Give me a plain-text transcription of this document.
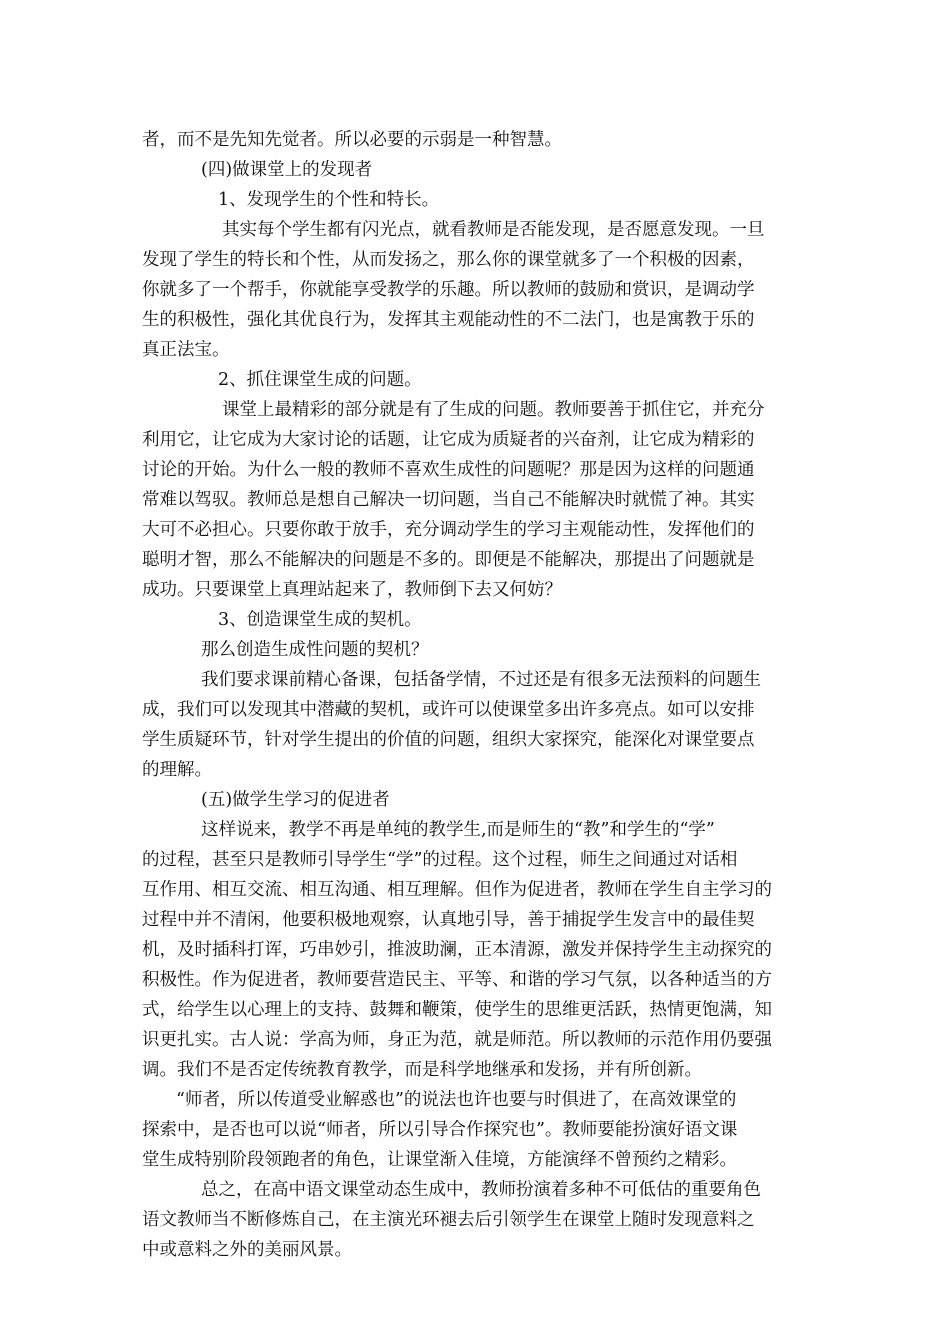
者，而不是先知先觉者。所以必要的示弱是一种智慧。
(四)做课堂上的发现者
1、发现学生的个性和特长。
其实每个学生都有闪光点，就看教师是否能发现，是否愿意发现。一旦
发现了学生的特长和个性，从而发扬之，那么你的课堂就多了一个积极的因素，
你就多了一个帮手，你就能享受教学的乐趣。所以教师的鼓励和赏识，是调动学
生的积极性，强化其优良行为，发挥其主观能动性的不二法门，也是寓教于乐的
真正法宝。
2、抓住课堂生成的问题。
课堂上最精彩的部分就是有了生成的问题。教师要善于抓住它，并充分
利用它，让它成为大家讨论的话题，让它成为质疑者的兴奋剂，让它成为精彩的
讨论的开始。为什么一般的教师不喜欢生成性的问题呢？那是因为这样的问题通
常难以驾驭。教师总是想自己解决一切问题，当自己不能解决时就慌了神。其实
大可不必担心。只要你敢于放手，充分调动学生的学习主观能动性，发挥他们的
聪明才智，那么不能解决的问题是不多的。即便是不能解决，那提出了问题就是
成功。只要课堂上真理站起来了，教师倒下去又何妨？
3、创造课堂生成的契机。
那么创造生成性问题的契机？
我们要求课前精心备课，包括备学情，不过还是有很多无法预料的问题生
成，我们可以发现其中潜藏的契机，或许可以使课堂多出许多亮点。如可以安排
学生质疑环节，针对学生提出的价值的问题，组织大家探究，能深化对课堂要点
的理解。
(五)做学生学习的促进者
这样说来，教学不再是单纯的教学生,而是师生的“教”和学生的“学”
的过程，甚至只是教师引导学生“学”的过程。这个过程，师生之间通过对话相
互作用、相互交流、相互沟通、相互理解。但作为促进者，教师在学生自主学习的
过程中并不清闲，他要积极地观察，认真地引导，善于捕捉学生发言中的最佳契
机，及时插科打诨，巧串妙引，推波助澜，正本清源，激发并保持学生主动探究的
积极性。作为促进者，教师要营造民主、平等、和谐的学习气氛，以各种适当的方
式，给学生以心理上的支持、鼓舞和鞭策，使学生的思维更活跃，热情更饱满，知
识更扎实。古人说：学高为师，身正为范，就是师范。所以教师的示范作用仍要强
调。我们不是否定传统教育教学，而是科学地继承和发扬，并有所创新。
“师者，所以传道受业解惑也”的说法也许也要与时俱进了，在高效课堂的
探索中，是否也可以说“师者，所以引导合作探究也”。教师要能扮演好语文课
堂生成特别阶段领跑者的角色，让课堂渐入佳境，方能演绎不曾预约之精彩。
总之，在高中语文课堂动态生成中，教师扮演着多种不可低估的重要角色
语文教师当不断修炼自己，在主演光环褪去后引领学生在课堂上随时发现意料之
中或意料之外的美丽风景。
